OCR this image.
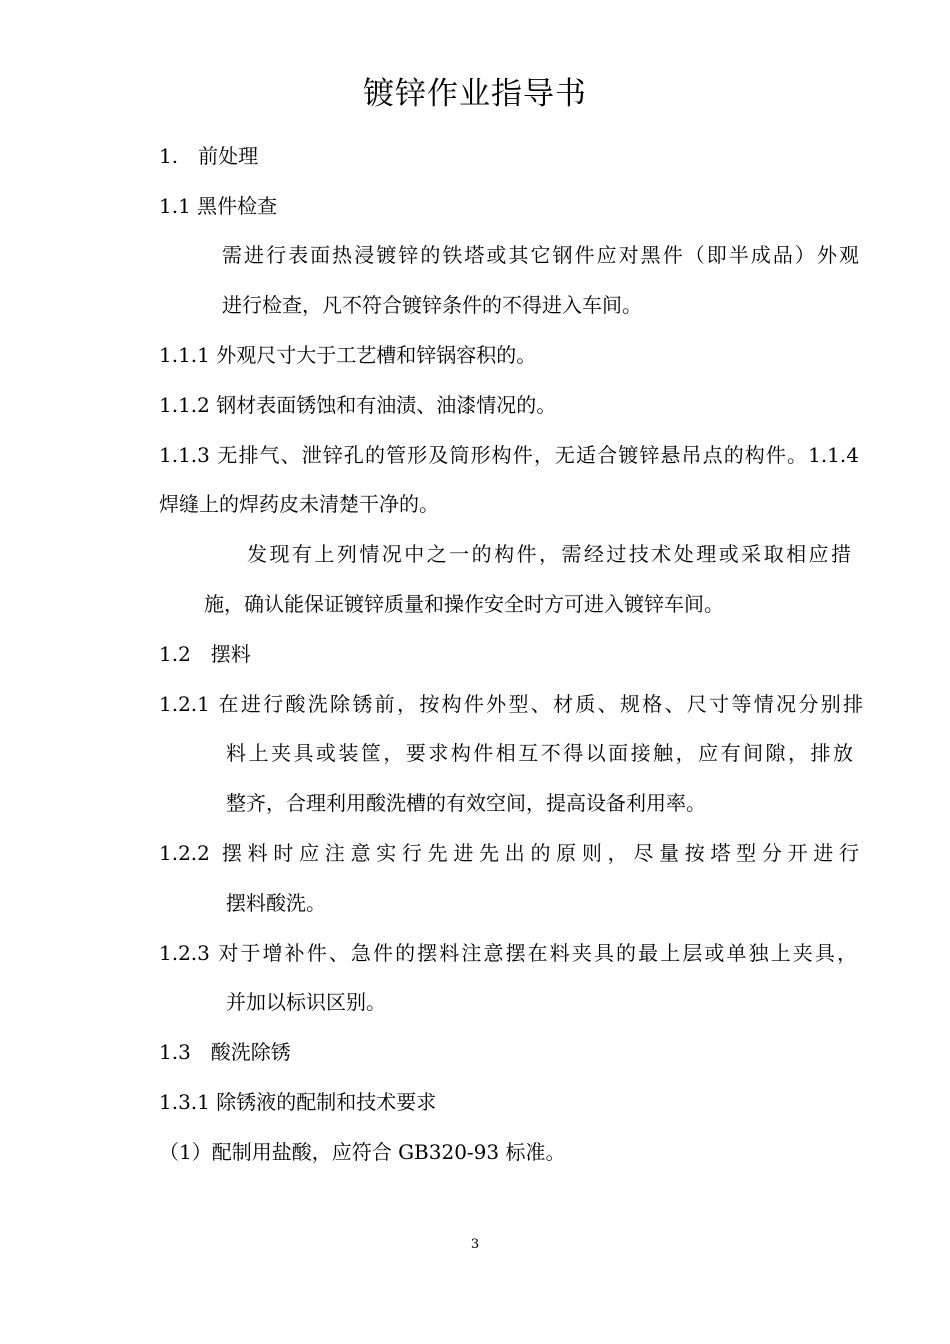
镀锌作业指导书
1.　前处理
1.1 黑件检查
需进行表面热浸镀锌的铁塔或其它钢件应对黑件（即半成品）外观
进行检查，凡不符合镀锌条件的不得进入车间。
1.1.1 外观尺寸大于工艺槽和锌锅容积的。
1.1.2 钢材表面锈蚀和有油渍、油漆情况的。
1.1.3 无排气、泄锌孔的管形及筒形构件，无适合镀锌悬吊点的构件。1.1.4
焊缝上的焊药皮未清楚干净的。
发现有上列情况中之一的构件，需经过技术处理或采取相应措
施，确认能保证镀锌质量和操作安全时方可进入镀锌车间。
1.2　摆料
1.2.1 在进行酸洗除锈前，按构件外型、材质、规格、尺寸等情况分别排
料上夹具或装筐，要求构件相互不得以面接触，应有间隙，排放
整齐，合理利用酸洗槽的有效空间，提高设备利用率。
1.2.2 摆料时应注意实行先进先出的原则，尽量按塔型分开进行
摆料酸洗。
1.2.3 对于增补件、急件的摆料注意摆在料夹具的最上层或单独上夹具，
并加以标识区别。
1.3　酸洗除锈
1.3.1 除锈液的配制和技术要求
（1）配制用盐酸，应符合 GB320-93 标准。
3
